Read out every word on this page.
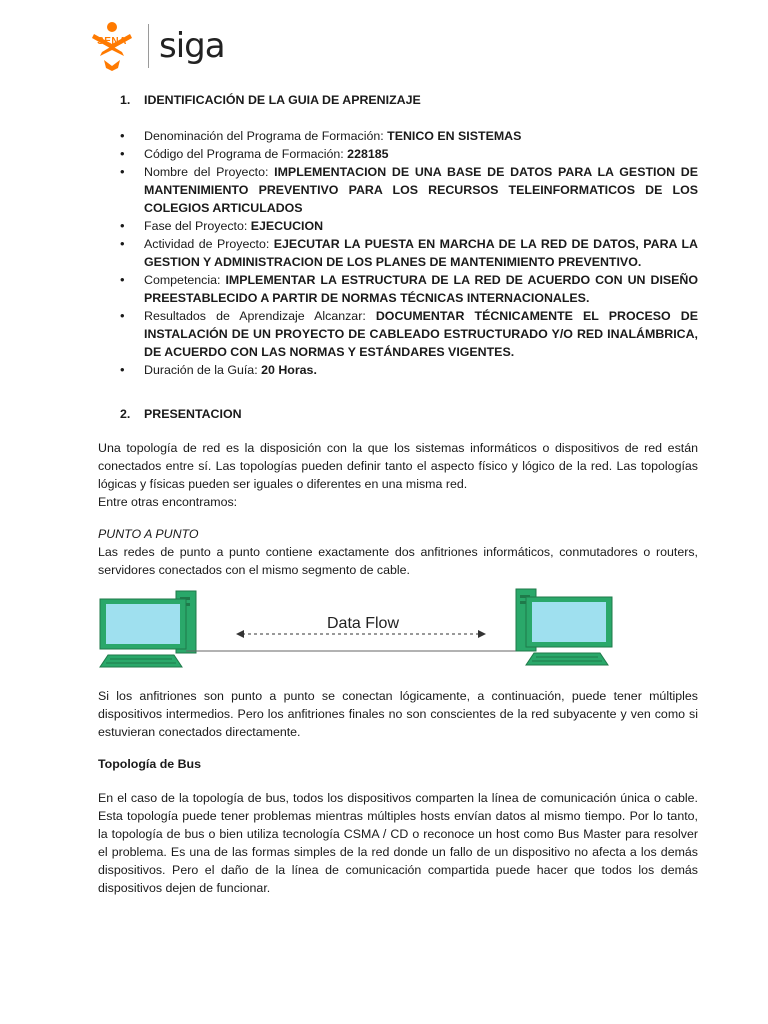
SENA siga
1. IDENTIFICACIÓN DE LA GUIA DE APRENIZAJE
• Denominación del Programa de Formación: TENICO EN SISTEMAS
• Código del Programa de Formación: 228185
• Nombre del Proyecto: IMPLEMENTACION DE UNA BASE DE DATOS PARA LA GESTION DE MANTENIMIENTO PREVENTIVO PARA LOS RECURSOS TELEINFORMATICOS DE LOS COLEGIOS ARTICULADOS
• Fase del Proyecto: EJECUCION
• Actividad de Proyecto: EJECUTAR LA PUESTA EN MARCHA DE LA RED DE DATOS, PARA LA GESTION Y ADMINISTRACION DE LOS PLANES DE MANTENIMIENTO PREVENTIVO.
• Competencia: IMPLEMENTAR LA ESTRUCTURA DE LA RED DE ACUERDO CON UN DISEÑO PREESTABLECIDO A PARTIR DE NORMAS TÉCNICAS INTERNACIONALES.
• Resultados de Aprendizaje Alcanzar: DOCUMENTAR TÉCNICAMENTE EL PROCESO DE INSTALACIÓN DE UN PROYECTO DE CABLEADO ESTRUCTURADO Y/O RED INALÁMBRICA, DE ACUERDO CON LAS NORMAS Y ESTÁNDARES VIGENTES.
• Duración de la Guía: 20 Horas.
2. PRESENTACION

Una topología de red es la disposición con la que los sistemas informáticos o dispositivos de red están conectados entre sí. Las topologías pueden definir tanto el aspecto físico y lógico de la red. Las topologías lógicas y físicas pueden ser iguales o diferentes en una misma red.

Entre otras encontramos:

PUNTO A PUNTO

Las redes de punto a punto contiene exactamente dos anfitriones informáticos, conmutadores o routers, servidores conectados con el mismo segmento de cable.

Data Flow

Si los anfitriones son punto a punto se conectan lógicamente, a continuación, puede tener múltiples dispositivos intermedios. Pero los anfitriones finales no son conscientes de la red subyacente y ven como si estuvieran conectados directamente.

Topología de Bus

En el caso de la topología de bus, todos los dispositivos comparten la línea de comunicación única o cable. Esta topología puede tener problemas mientras múltiples hosts envían datos al mismo tiempo. Por lo tanto, la topología de bus o bien utiliza tecnología CSMA / CD o reconoce un host como Bus Master para resolver el problema. Es una de las formas simples de la red donde un fallo de un dispositivo no afecta a los demás dispositivos. Pero el daño de la línea de comunicación compartida puede hacer que todos los demás dispositivos dejen de funcionar.
